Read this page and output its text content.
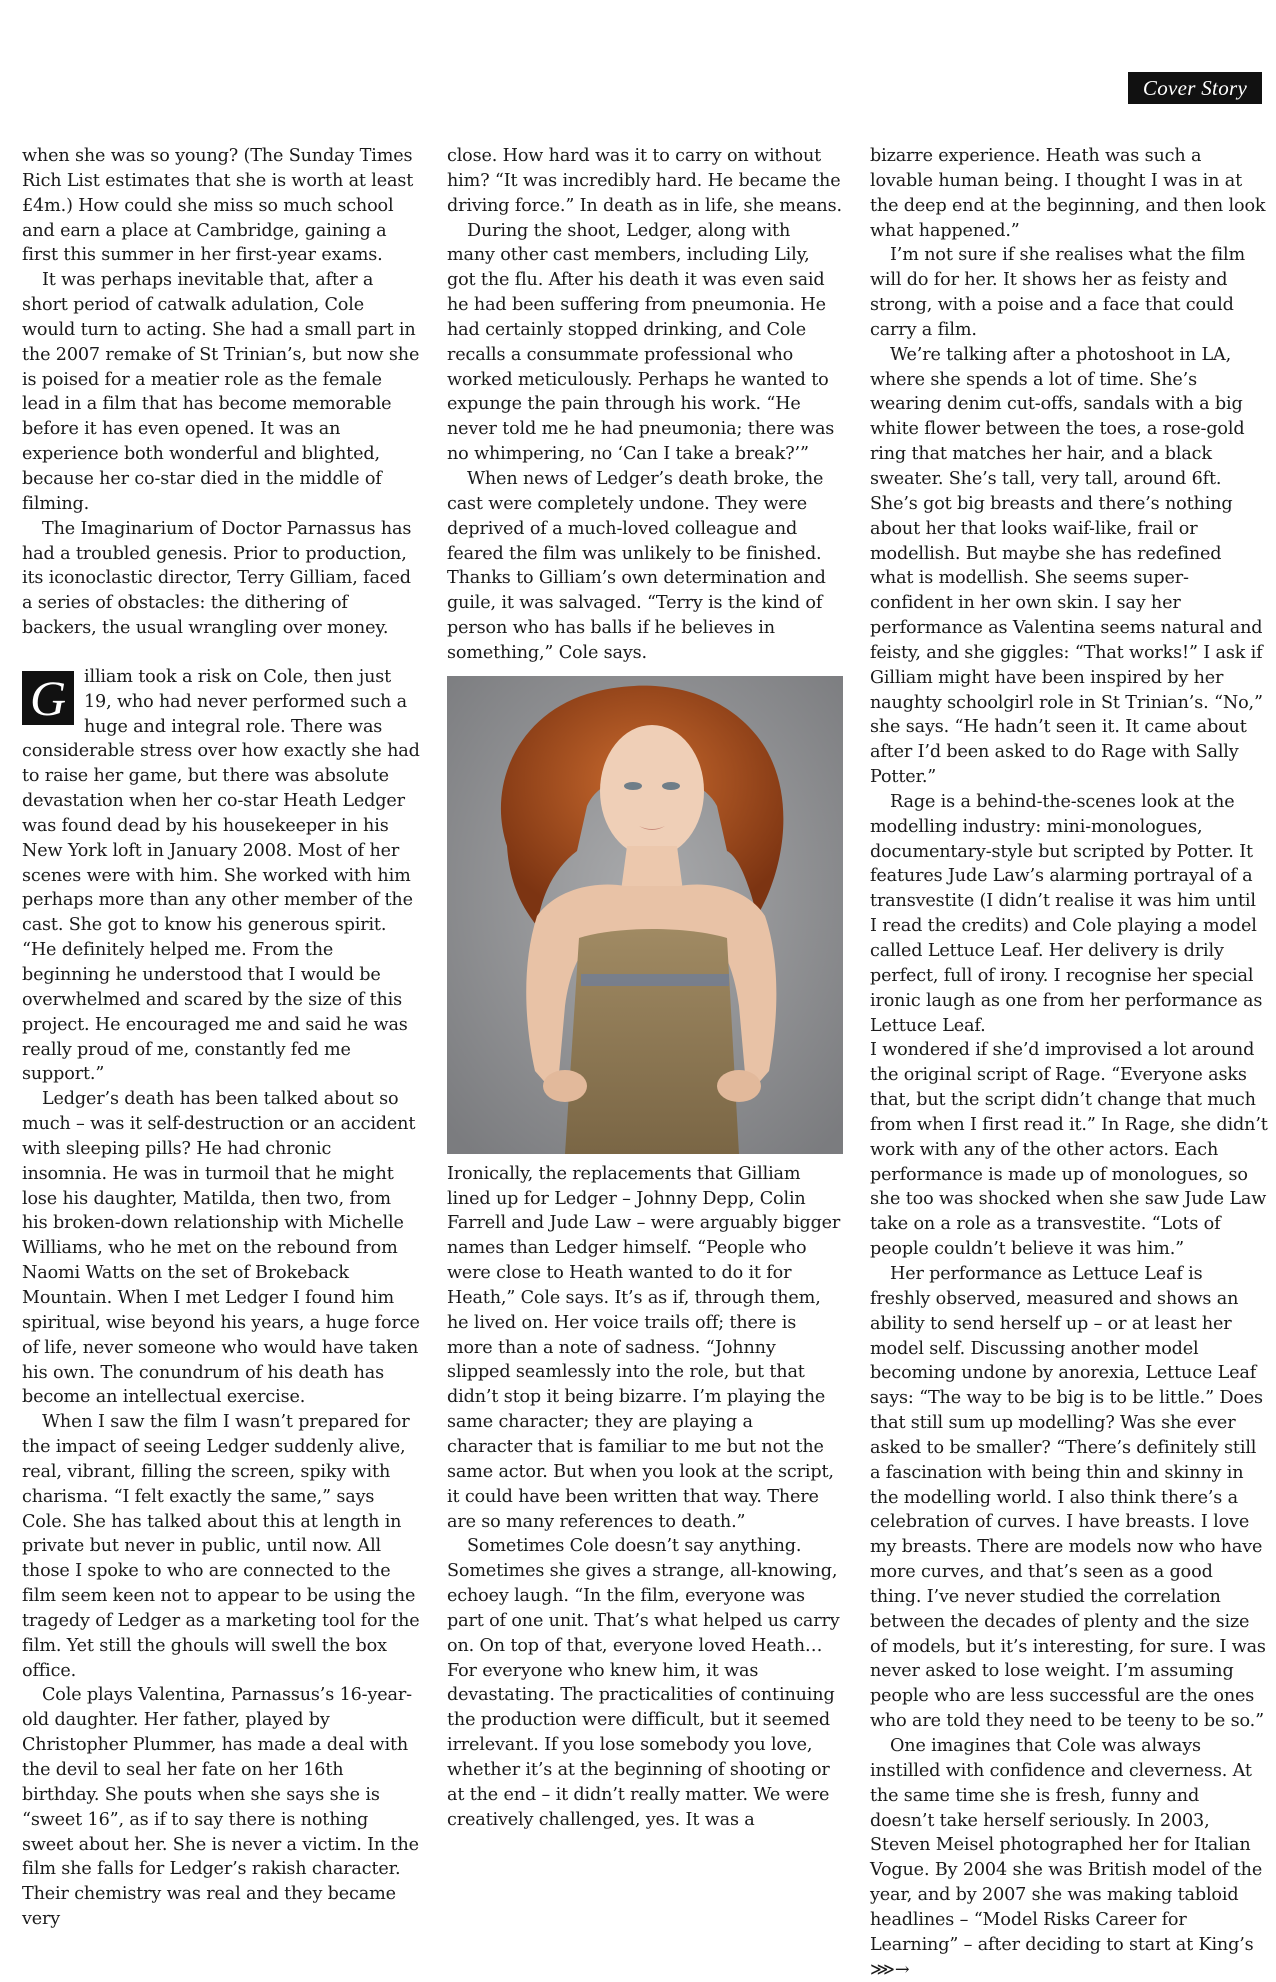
Cover Story

when she was so young? (The Sunday Times Rich List estimates that she is worth at least £4m.) How could she miss so much school and earn a place at Cambridge, gaining a first this summer in her first-year exams.

It was perhaps inevitable that, after a short period of catwalk adulation, Cole would turn to acting. She had a small part in the 2007 remake of St Trinian’s, but now she is poised for a meatier role as the female lead in a film that has become memorable before it has even opened. It was an experience both wonderful and blighted, because her co-star died in the middle of filming.

The Imaginarium of Doctor Parnassus has had a troubled genesis. Prior to production, its iconoclastic director, Terry Gilliam, faced a series of obstacles: the dithering of backers, the usual wrangling over money.

G	illiam took a risk on Cole, then just 19, who had never performed such a huge and integral role. There was considerable stress over how exactly she had to raise her game, but there was absolute devastation when her co-star Heath Ledger was found dead by his housekeeper in his New York loft in January 2008. Most of her scenes were with him. She worked with him perhaps more than any other member of the cast. She got to know his generous spirit. “He definitely helped me. From the beginning he understood that I would be overwhelmed and scared by the size of this project. He encouraged me and said he was really proud of me, constantly fed me support.”

Ledger’s death has been talked about so much – was it self-destruction or an accident with sleeping pills? He had chronic insomnia. He was in turmoil that he might lose his daughter, Matilda, then two, from his broken-down relationship with Michelle Williams, who he met on the rebound from Naomi Watts on the set of Brokeback Mountain. When I met Ledger I found him spiritual, wise beyond his years, a huge force of life, never someone who would have taken his own. The conundrum of his death has become an intellectual exercise.

When I saw the film I wasn’t prepared for the impact of seeing Ledger suddenly alive, real, vibrant, filling the screen, spiky with charisma. “I felt exactly the same,” says Cole. She has talked about this at length in private but never in public, until now. All those I spoke to who are connected to the film seem keen not to appear to be using the tragedy of Ledger as a marketing tool for the film. Yet still the ghouls will swell the box office.

Cole plays Valentina, Parnassus’s 16-year-old daughter. Her father, played by Christopher Plummer, has made a deal with the devil to seal her fate on her 16th birthday. She pouts when she says she is “sweet 16”, as if to say there is nothing sweet about her. She is never a victim. In the film she falls for Ledger’s rakish character. Their chemistry was real and they became very

close. How hard was it to carry on without him? “It was incredibly hard. He became the driving force.” In death as in life, she means.

During the shoot, Ledger, along with many other cast members, including Lily, got the flu. After his death it was even said he had been suffering from pneumonia. He had certainly stopped drinking, and Cole recalls a consummate professional who worked meticulously. Perhaps he wanted to expunge the pain through his work. “He never told me he had pneumonia; there was no whimpering, no ‘Can I take a break?’”

When news of Ledger’s death broke, the cast were completely undone. They were deprived of a much-loved colleague and feared the film was unlikely to be finished. Thanks to Gilliam’s own determination and guile, it was salvaged. “Terry is the kind of person who has balls if he believes in something,” Cole says.

Ironically, the replacements that Gilliam lined up for Ledger – Johnny Depp, Colin Farrell and Jude Law – were arguably bigger names than Ledger himself. “People who were close to Heath wanted to do it for Heath,” Cole says. It’s as if, through them, he lived on. Her voice trails off; there is more than a note of sadness. “Johnny slipped seamlessly into the role, but that didn’t stop it being bizarre. I’m playing the same character; they are playing a character that is familiar to me but not the same actor. But when you look at the script, it could have been written that way. There are so many references to death.”

Sometimes Cole doesn’t say anything. Sometimes she gives a strange, all-knowing, echoey laugh. “In the film, everyone was part of one unit. That’s what helped us carry on. On top of that, everyone loved Heath… For everyone who knew him, it was devastating. The practicalities of continuing the production were difficult, but it seemed irrelevant. If you lose somebody you love, whether it’s at the beginning of shooting or at the end – it didn’t really matter. We were creatively challenged, yes. It was a

bizarre experience. Heath was such a lovable human being. I thought I was in at the deep end at the beginning, and then look what happened.”

I’m not sure if she realises what the film will do for her. It shows her as feisty and strong, with a poise and a face that could carry a film.

We’re talking after a photoshoot in LA, where she spends a lot of time. She’s wearing denim cut-offs, sandals with a big white flower between the toes, a rose-gold ring that matches her hair, and a black sweater. She’s tall, very tall, around 6ft. She’s got big breasts and there’s nothing about her that looks waif-like, frail or modellish. But maybe she has redefined what is modellish. She seems super-confident in her own skin. I say her performance as Valentina seems natural and feisty, and she giggles: “That works!” I ask if Gilliam might have been inspired by her naughty schoolgirl role in St Trinian’s. “No,” she says. “He hadn’t seen it. It came about after I’d been asked to do Rage with Sally Potter.”

Rage is a behind-the-scenes look at the modelling industry: mini-monologues, documentary-style but scripted by Potter. It features Jude Law’s alarming portrayal of a transvestite (I didn’t realise it was him until I read the credits) and Cole playing a model called Lettuce Leaf. Her delivery is drily perfect, full of irony. I recognise her special ironic laugh as one from her performance as Lettuce Leaf.

I wondered if she’d improvised a lot around the original script of Rage. “Everyone asks that, but the script didn’t change that much from when I first read it.” In Rage, she didn’t work with any of the other actors. Each performance is made up of monologues, so she too was shocked when she saw Jude Law take on a role as a transvestite. “Lots of people couldn’t believe it was him.”

Her performance as Lettuce Leaf is freshly observed, measured and shows an ability to send herself up – or at least her model self. Discussing another model becoming undone by anorexia, Lettuce Leaf says: “The way to be big is to be little.” Does that still sum up modelling? Was she ever asked to be smaller? “There’s definitely still a fascination with being thin and skinny in the modelling world. I also think there’s a celebration of curves. I have breasts. I love my breasts. There are models now who have more curves, and that’s seen as a good thing. I’ve never studied the correlation between the decades of plenty and the size of models, but it’s interesting, for sure. I was never asked to lose weight. I’m assuming people who are less successful are the ones who are told they need to be teeny to be so.”

One imagines that Cole was always instilled with confidence and cleverness. At the same time she is fresh, funny and doesn’t take herself seriously. In 2003, Steven Meisel photographed her for Italian Vogue. By 2004 she was British model of the year, and by 2007 she was making tabloid headlines – “Model Risks Career for Learning” – after deciding to start at King’s ⋙→
